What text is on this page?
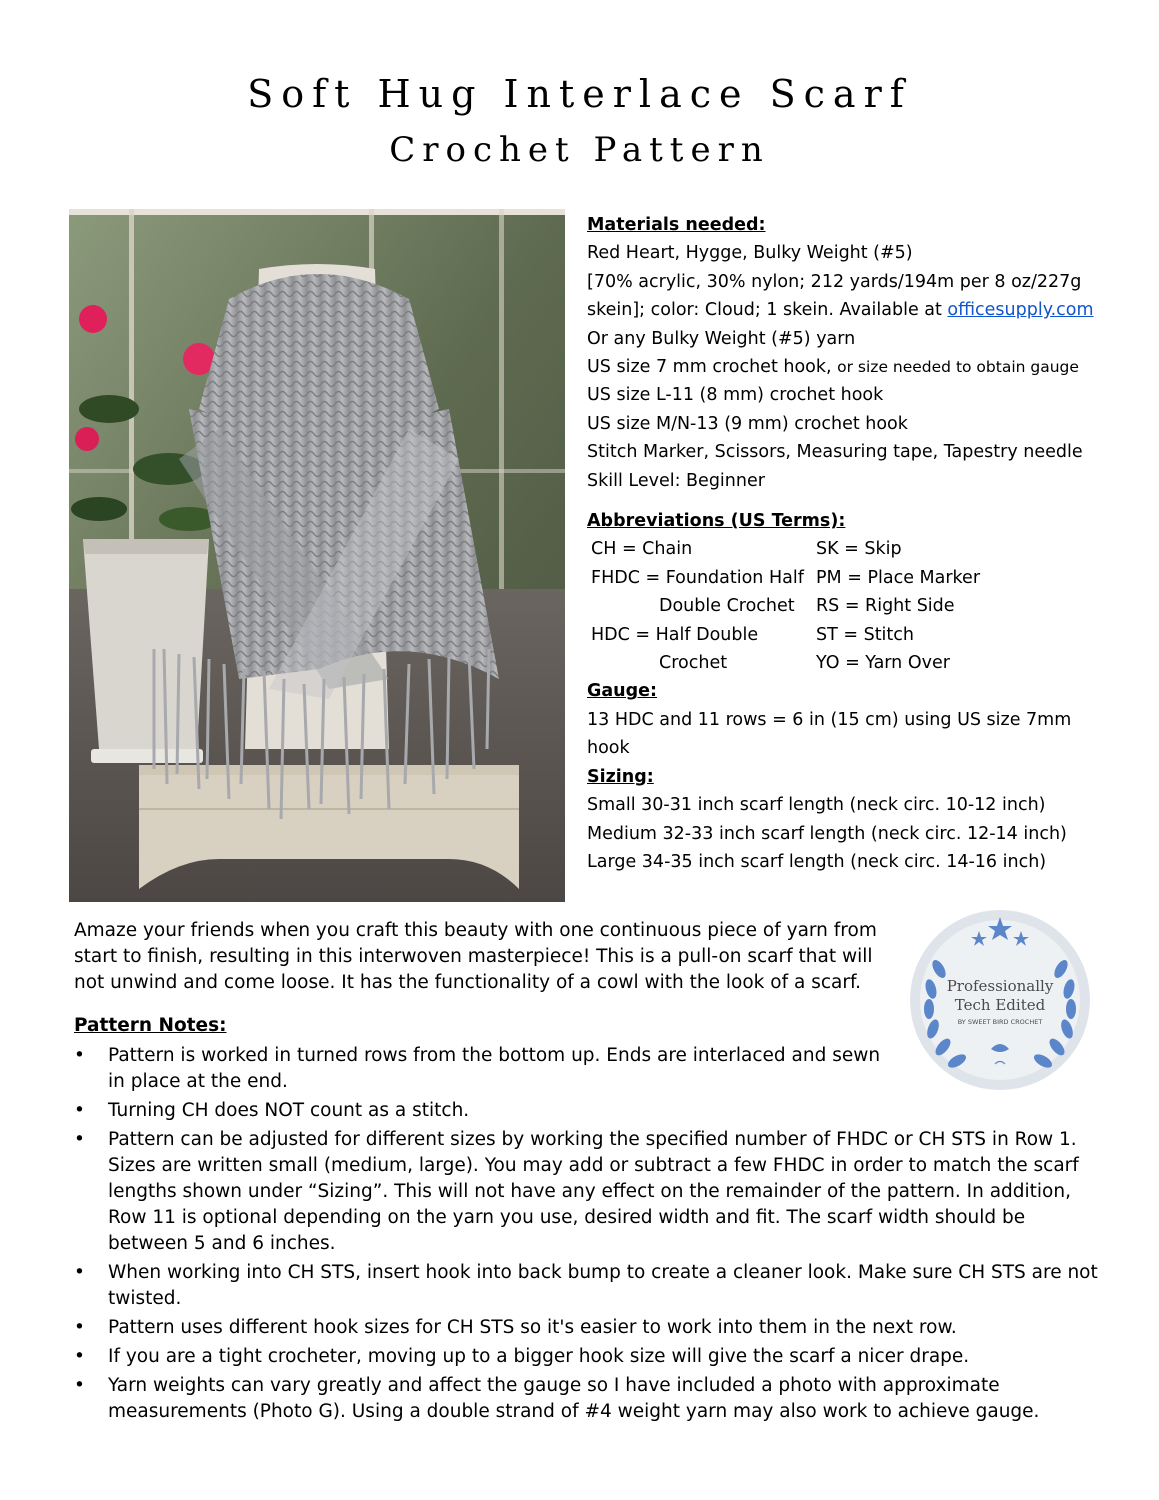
Soft Hug Interlace Scarf
Crochet Pattern
Materials needed:
Red Heart, Hygge, Bulky Weight (#5)
[70% acrylic, 30% nylon; 212 yards/194m per 8 oz/227g
skein]; color: Cloud; 1 skein. Available at officesupply.com
Or any Bulky Weight (#5) yarn
US size 7 mm crochet hook, or size needed to obtain gauge
US size L-11 (8 mm) crochet hook
US size M/N-13 (9 mm) crochet hook
Stitch Marker, Scissors, Measuring tape, Tapestry needle
Skill Level: Beginner
Abbreviations (US Terms):
CH = Chain
FHDC = Foundation Half
Double Crochet
HDC = Half Double
Crochet
SK = Skip
PM = Place Marker
RS = Right Side
ST = Stitch
YO = Yarn Over
Gauge:
13 HDC and 11 rows = 6 in (15 cm) using US size 7mm
hook
Sizing:
Small 30-31 inch scarf length (neck circ. 10-12 inch)
Medium 32-33 inch scarf length (neck circ. 12-14 inch)
Large 34-35 inch scarf length (neck circ. 14-16 inch)
Amaze your friends when you craft this beauty with one continuous piece of yarn from
start to finish, resulting in this interwoven masterpiece! This is a pull-on scarf that will
not unwind and come loose. It has the functionality of a cowl with the look of a scarf.	Professionally
Tech Edited
BY SWEET BIRD CROCHET
Pattern Notes:
• Pattern is worked in turned rows from the bottom up. Ends are interlaced and sewn in place at the end.
• Turning CH does NOT count as a stitch.
• Pattern can be adjusted for different sizes by working the specified number of FHDC or CH STS in Row 1. Sizes are written small (medium, large). You may add or subtract a few FHDC in order to match the scarf lengths shown under “Sizing”. This will not have any effect on the remainder of the pattern. In addition, Row 11 is optional depending on the yarn you use, desired width and fit. The scarf width should be between 5 and 6 inches.
• When working into CH STS, insert hook into back bump to create a cleaner look. Make sure CH STS are not twisted.
• Pattern uses different hook sizes for CH STS so it's easier to work into them in the next row.
• If you are a tight crocheter, moving up to a bigger hook size will give the scarf a nicer drape.
• Yarn weights can vary greatly and affect the gauge so I have included a photo with approximate measurements (Photo G). Using a double strand of #4 weight yarn may also work to achieve gauge.
